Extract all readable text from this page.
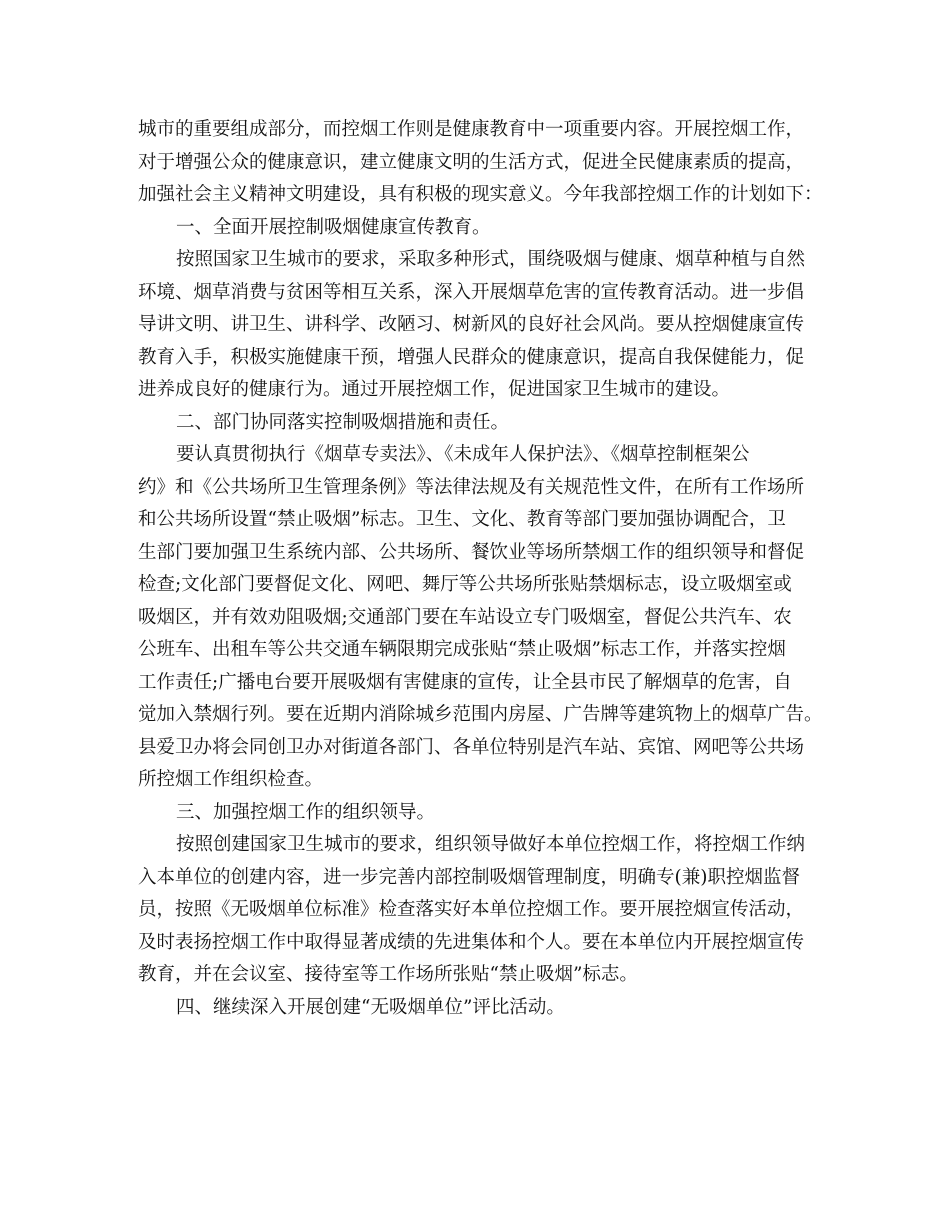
城市的重要组成部分，而控烟工作则是健康教育中一项重要内容。开展控烟工作，
对于增强公众的健康意识，建立健康文明的生活方式，促进全民健康素质的提高，
加强社会主义精神文明建设，具有积极的现实意义。今年我部控烟工作的计划如下：
一、全面开展控制吸烟健康宣传教育。
按照国家卫生城市的要求，采取多种形式，围绕吸烟与健康、烟草种植与自然
环境、烟草消费与贫困等相互关系，深入开展烟草危害的宣传教育活动。进一步倡
导讲文明、讲卫生、讲科学、改陋习、树新风的良好社会风尚。要从控烟健康宣传
教育入手，积极实施健康干预，增强人民群众的健康意识，提高自我保健能力，促
进养成良好的健康行为。通过开展控烟工作，促进国家卫生城市的建设。
二、部门协同落实控制吸烟措施和责任。
要认真贯彻执行《烟草专卖法》、《未成年人保护法》、《烟草控制框架公
约》和《公共场所卫生管理条例》等法律法规及有关规范性文件，在所有工作场所
和公共场所设置“禁止吸烟”标志。卫生、文化、教育等部门要加强协调配合，卫
生部门要加强卫生系统内部、公共场所、餐饮业等场所禁烟工作的组织领导和督促
检查;文化部门要督促文化、网吧、舞厅等公共场所张贴禁烟标志，设立吸烟室或
吸烟区，并有效劝阻吸烟;交通部门要在车站设立专门吸烟室，督促公共汽车、农
公班车、出租车等公共交通车辆限期完成张贴“禁止吸烟”标志工作，并落实控烟
工作责任;广播电台要开展吸烟有害健康的宣传，让全县市民了解烟草的危害，自
觉加入禁烟行列。要在近期内消除城乡范围内房屋、广告牌等建筑物上的烟草广告。
县爱卫办将会同创卫办对街道各部门、各单位特别是汽车站、宾馆、网吧等公共场
所控烟工作组织检查。
三、加强控烟工作的组织领导。
按照创建国家卫生城市的要求，组织领导做好本单位控烟工作，将控烟工作纳
入本单位的创建内容，进一步完善内部控制吸烟管理制度，明确专(兼)职控烟监督
员，按照《无吸烟单位标准》检查落实好本单位控烟工作。要开展控烟宣传活动，
及时表扬控烟工作中取得显著成绩的先进集体和个人。要在本单位内开展控烟宣传
教育，并在会议室、接待室等工作场所张贴“禁止吸烟”标志。
四、继续深入开展创建“无吸烟单位”评比活动。
